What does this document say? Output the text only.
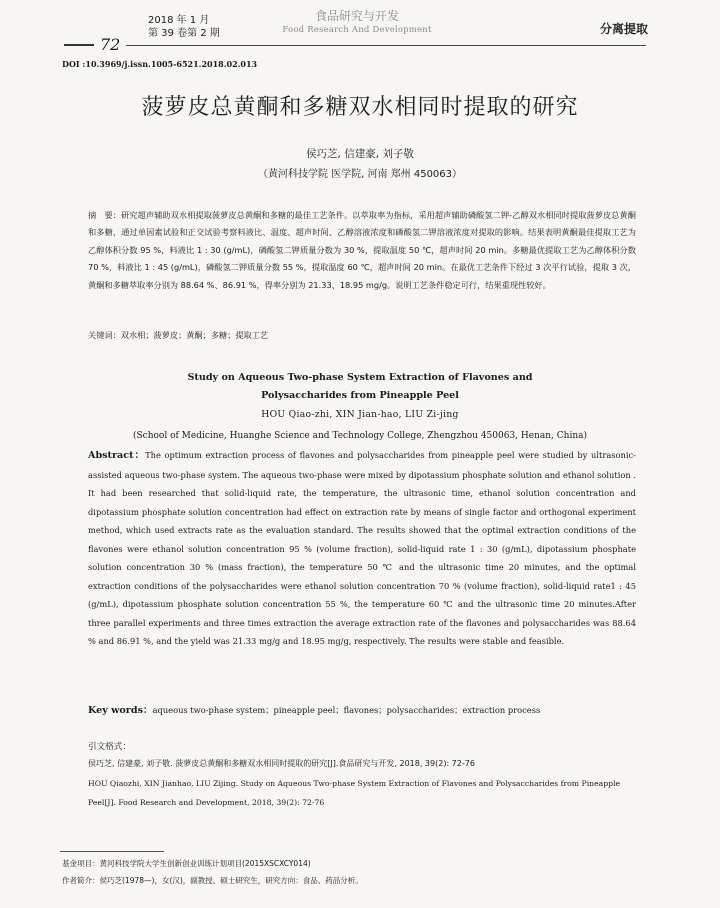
2018 年 1 月
第 39 卷第 2 期
食品研究与开发
Food Research And Development	分离提取
72
DOI :10.3969/j.issn.1005-6521.2018.02.013
菠萝皮总黄酮和多糖双水相同时提取的研究
侯巧芝, 信建豪, 刘子敬
（黄河科技学院 医学院, 河南 郑州 450063）
摘　要：研究超声辅助双水相提取菠萝皮总黄酮和多糖的最佳工艺条件。以萃取率为指标，采用超声辅助磷酸氢二钾-乙醇双水相同时提取菠萝皮总黄酮和多糖，通过单因素试验和正交试验考察料液比、温度、超声时间、乙醇溶液浓度和磷酸氢二钾溶液浓度对提取的影响。结果表明黄酮最佳提取工艺为乙醇体积分数 95 %，料液比 1 : 30 (g/mL)，磷酸氢二钾质量分数为 30 %，提取温度 50 ℃，超声时间 20 min。多糖最优提取工艺为乙醇体积分数 70 %，料液比 1 : 45 (g/mL)，磷酸氢二钾质量分数 55 %，提取温度 60 ℃，超声时间 20 min。在最优工艺条件下经过 3 次平行试验，提取 3 次，黄酮和多糖萃取率分别为 88.64 %、86.91 %，得率分别为 21.33、18.95 mg/g。说明工艺条件稳定可行，结果重现性较好。
关键词：双水相；菠萝皮；黄酮；多糖；提取工艺
Study on Aqueous Two-phase System Extraction of Flavones and
Polysaccharides from Pineapple Peel
HOU Qiao-zhi, XIN Jian-hao, LIU Zi-jing
(School of Medicine, Huanghe Science and Technology College, Zhengzhou 450063, Henan, China)
Abstract：The optimum extraction process of flavones and polysaccharides from pineapple peel were studied by ultrasonic-assisted aqueous two-phase system. The aqueous two-phase were mixed by dipotassium phosphate solution and ethanol solution . It had been researched that solid-liquid rate, the temperature, the ultrasonic time, ethanol solution concentration and dipotassium phosphate solution concentration had effect on extraction rate by means of single factor and orthogonal experiment method, which used extracts rate as the evaluation standard. The results showed that the optimal extraction conditions of the flavones were ethanol solution concentration 95 % (volume fraction), solid-liquid rate 1 : 30 (g/mL), dipotassium phosphate solution concentration 30 % (mass fraction), the temperature 50 ℃ and the ultrasonic time 20 minutes, and the optimal extraction conditions of the polysaccharides were ethanol solution concentration 70 % (volume fraction), solid-liquid rate1 : 45 (g/mL), dipotassium phosphate solution concentration 55 %, the temperature 60 ℃ and the ultrasonic time 20 minutes.After three parallel experiments and three times extraction the average extraction rate of the flavones and polysaccharides was 88.64 % and 86.91 %, and the yield was 21.33 mg/g and 18.95 mg/g, respectively. The results were stable and feasible.
Key words：aqueous two-phase system；pineapple peel；flavones；polysaccharides；extraction process
引文格式：
侯巧芝, 信建豪, 刘子敬. 菠萝皮总黄酮和多糖双水相同时提取的研究[J].食品研究与开发, 2018, 39(2): 72-76
HOU Qiaozhi, XIN Jianhao, LIU Zijing. Study on Aqueous Two-phase System Extraction of Flavones and Polysaccharides from Pineapple Peel[J]. Food Research and Development, 2018, 39(2): 72-76
基金项目：黄河科技学院大学生创新创业训练计划项目(2015XSCXCY014)
作者简介：侯巧芝(1978—)，女(汉)，副教授，硕士研究生，研究方向：食品、药品分析。
